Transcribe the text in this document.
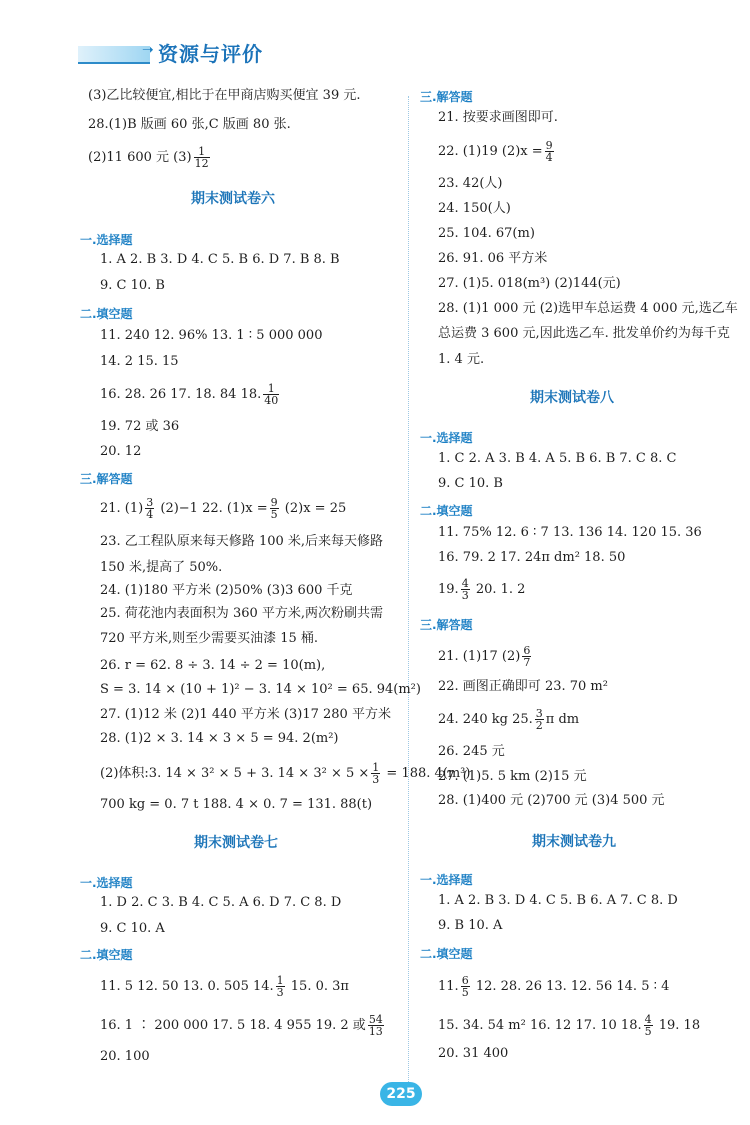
➝ 资源与评价
(3)乙比较便宜,相比于在甲商店购买便宜 39 元.
28.(1)B 版画 60 张,C 版画 80 张.
(2)11 600 元 $(3) \frac{1}{12}$
期末测试卷六
一.选择题
1. A 2. B 3. D 4. C 5. B 6. D 7. B 8. B
9. C 10. B
二.填空题
11. 240 12. 96% 13. 1 ∶ 5 000 000
14. 2 15. 15
16. 28. 26 17. 18. 84 18. $\frac{1}{40}$
19. 72 或 36
20. 12
三.解答题
21. $(1) \frac{3}{4} (2)-1$ 22. $(1)x = \frac{9}{5} (2)x = 25$
23. 乙工程队原来每天修路 100 米,后来每天修路
150 米,提高了 50%.
24. (1)180 平方米 (2)50% (3)3 600 千克
25. 荷花池内表面积为 360 平方米,两次粉刷共需
720 平方米,则至少需要买油漆 15 桶.
26. r = 62. 8 ÷ 3. 14 ÷ 2 = 10(m),
S = 3. 14 × (10 + 1)² − 3. 14 × 10² = 65. 94(m²)
27. (1)12 米 (2)1 440 平方米 (3)17 280 平方米
28. (1)2 × 3. 14 × 3 × 5 = 94. 2(m²)
(2)体积:3. 14 × 3² × 5 + 3. $14 \times 3^2 \times 5 \times \frac{1}{3} = 188$. 4(m³)
700 kg = 0. 7 t 188. 4 × 0. 7 = 131. 88(t)
期末测试卷七
一.选择题
1. D 2. C 3. B 4. C 5. A 6. D 7. C 8. D
9. C 10. A
二.填空题
11. 5 12. 50 13. 0. 505 14. $\frac{1}{3} 15$. 0. 3π
16. 1 ∶ 200 000 17. 5 18. 4 955 19. 2 或 $\frac{54}{13}$
20. 100
三.解答题
21. 按要求画图即可.
22. (1)19 $(2)x = \frac{9}{4}$
23. 42(人)
24. 150(人)
25. 104. 67(m)
26. 91. 06 平方米
27. (1)5. 018(m³) (2)144(元)
28. (1)1 000 元 (2)选甲车总运费 4 000 元,选乙车
总运费 3 600 元,因此选乙车. 批发单价约为每千克
1. 4 元.
期末测试卷八
一.选择题
1. C 2. A 3. B 4. A 5. B 6. B 7. C 8. C
9. C 10. B
二.填空题
11. 75% 12. 6 ∶ 7 13. 136 14. 120 15. 36
16. 79. 2 17. 24π dm² 18. 50
19. $\frac{4}{3} 20$. 1. 2
三.解答题
21. (1)17 $(2) \frac{6}{7}$
22. 画图正确即可 23. 70 m²
24. 240 kg 25. $\frac{3}{2}$ π dm
26. 245 元
27. (1)5. 5 km (2)15 元
28. (1)400 元 (2)700 元 (3)4 500 元
期末测试卷九
一.选择题
1. A 2. B 3. D 4. C 5. B 6. A 7. C 8. D
9. B 10. A
二.填空题
11. $\frac{6}{5} 12$. 28. 26 13. 12. 56 14. 5 ∶ 4
15. 34. 54 m² 16. 12 17. 10 18. $\frac{4}{5} 19$. 18
20. 31 400
225
